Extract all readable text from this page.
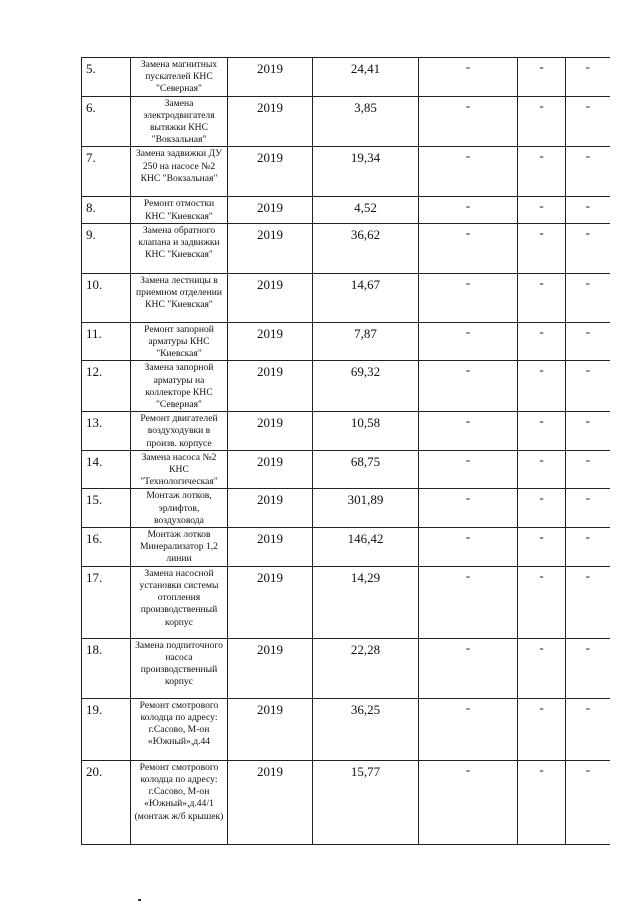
5.	Замена магнитных пускателей КНС "Северная"	2019	24,41	-	-	-
6.	Замена электродвигателя вытяжки КНС "Вокзальная"	2019	3,85	-	-	-
7.	Замена задвижки ДУ 250 на насосе №2 КНС "Вокзальная"	2019	19,34	-	-	-
8.	Ремонт отмостки КНС "Киевская"	2019	4,52	-	-	-
9.	Замена обратного клапана и задвижки КНС "Киевская"	2019	36,62	-	-	-
10.	Замена лестницы в приемном отделении КНС "Киевская"	2019	14,67	-	-	-
11.	Ремонт запорной арматуры КНС "Киевская"	2019	7,87	-	-	-
12.	Замена запорной арматуры на коллекторе КНС "Северная"	2019	69,32	-	-	-
13.	Ремонт двигателей воздуходувки в произв. корпусе	2019	10,58	-	-	-
14.	Замена насоса №2 КНС "Технологическая"	2019	68,75	-	-	-
15.	Монтаж лотков, эрлифтов, воздуховода	2019	301,89	-	-	-
16.	Монтаж лотков Минерализатор 1,2 линии	2019	146,42	-	-	-
17.	Замена насосной установки системы отопления производственный корпус	2019	14,29	-	-	-
18.	Замена подпиточного насоса производственный корпус	2019	22,28	-	-	-
19.	Ремонт смотрового колодца по адресу: г.Сасово, М-он «Южный»,д.44	2019	36,25	-	-	-
20.	Ремонт смотрового колодца по адресу: г.Сасово, М-он «Южный»,д.44/1 (монтаж ж/б крышек)	2019	15,77	-	-	-
